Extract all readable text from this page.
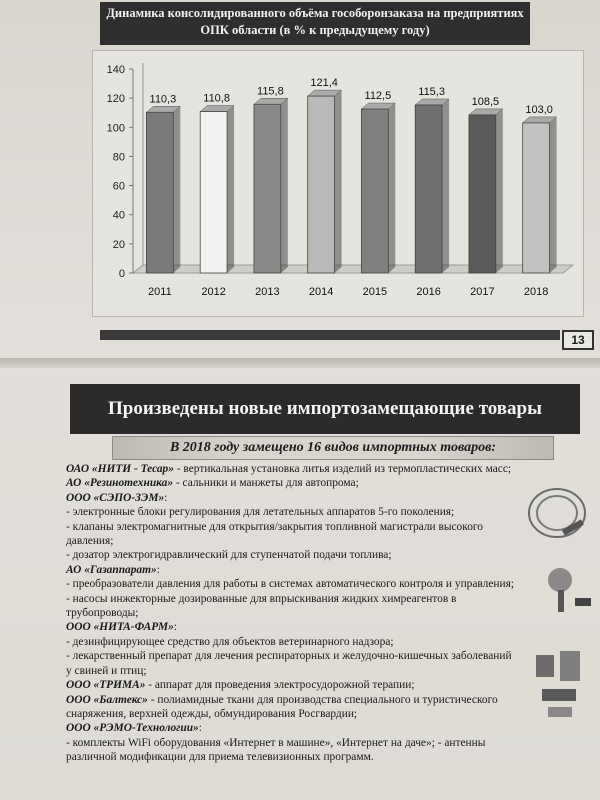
Динамика консолидированного объёма гособоронзаказа на предприятиях ОПК области (в % к предыдущему году)
0
20
40
60
80
100
120
140
110,3
2011
110,8
2012
115,8
2013
121,4
2014
112,5
2015
115,3
2016
108,5
2017
103,0
2018
13
Произведены новые импортозамещающие товары
В 2018 году замещено 16 видов импортных товаров:
ОАО «НИТИ - Тесар» - вертикальная установка литья изделий из термопластических масс;
АО «Резинотехника» - сальники и манжеты для автопрома;
ООО «СЭПО-ЗЭМ»:
- электронные блоки регулирования для летательных аппаратов 5-го поколения;
- клапаны электромагнитные для открытия/закрытия топливной магистрали высокого
давления;
- дозатор электрогидравлический для ступенчатой подачи топлива;
АО «Газаппарат»:
- преобразователи давления для работы в системах автоматического контроля и управления;
- насосы инжекторные дозированные для впрыскивания жидких химреагентов в
трубопроводы;
ООО «НИТА-ФАРМ»:
- дезинфицирующее средство для объектов ветеринарного надзора;
- лекарственный препарат для лечения респираторных и желудочно-кишечных заболеваний
у свиней и птиц;
ООО «ТРИМА» - аппарат для проведения электросудорожной терапии;
ООО «Балтекс» - полиамидные ткани для производства специального и туристического
снаряжения, верхней одежды, обмундирования Росгвардии;
ООО «РЭМО-Технологии»:
- комплекты WiFi оборудования «Интернет в машине», «Интернет на даче»; - антенны
различной модификации для приема телевизионных программ.
